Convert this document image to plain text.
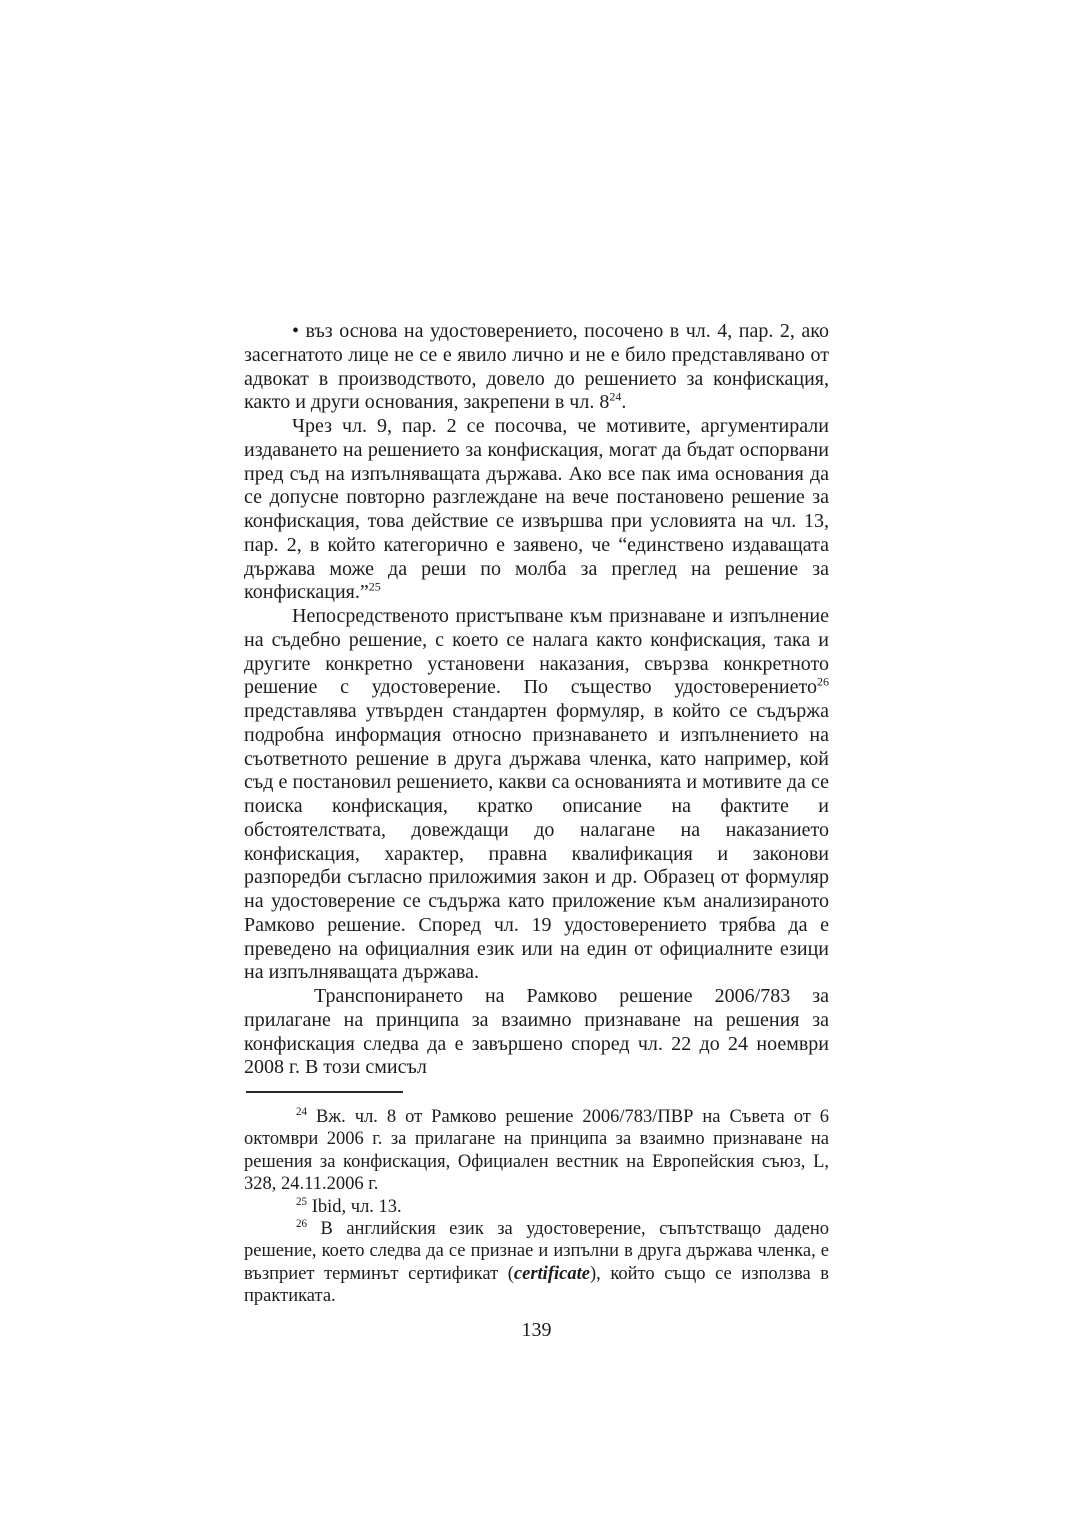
• въз основа на удостоверението, посочено в чл. 4, пар. 2, ако засегнатото лице не се е явило лично и не е било представлявано от адвокат в производството, довело до решението за конфискация, както и други основания, закрепени в чл. $8^{24}$.

Чрез чл. 9, пар. 2 се посочва, че мотивите, аргументирали издаването на решението за конфискация, могат да бъдат оспорвани пред съд на изпълняващата държава. Ако все пак има основания да се допусне повторно разглеждане на вече постановено решение за конфискация, това действие се извършва при условията на чл. 13, пар. 2, в който категорично е заявено, че “единствено издаващата държава може да реши по молба за преглед на решение за конфискация.”$^{25}$

Непосредственото пристъпване към признаване и изпълнение на съдебно решение, с което се налага както конфискация, така и другите конкретно установени наказания, свързва конкретното решение с удостоверение. По същество удостоверението$^{26}$ представлява утвърден стандартен формуляр, в който се съдържа подробна информация относно признаването и изпълнението на съответното решение в друга държава членка, като например, кой съд е постановил решението, какви са основанията и мотивите да се поиска конфискация, кратко описание на фактите и обстоятелствата, довеждащи до налагане на наказанието конфискация, характер, правна квалификация и законови разпоредби съгласно приложимия закон и др. Образец от формуляр на удостоверение се съдържа като приложение към анализираното Рамково решение. Според чл. 19 удостоверението трябва да е преведено на официалния език или на един от официалните езици на изпълняващата държава.

Транспонирането на Рамково решение 2006/783 за прилагане на принципа за взаимно признаване на решения за конфискация следва да е завършено според чл. 22 до 24 ноември 2008 г. В този смисъл

$^{24}$ Вж. чл. 8 от Рамково решение 2006/783/ПВР на Съвета от 6 октомври 2006 г. за прилагане на принципа за взаимно признаване на решения за конфискация, Официален вестник на Европейския съюз, L, 328, 24.11.2006 г.

$^{25}$ Ibid, чл. 13.

$^{26}$ В английския език за удостоверение, съпътстващо дадено решение, което следва да се признае и изпълни в друга държава членка, е възприет терминът сертификат (certificate), който също се използва в практиката.

139
